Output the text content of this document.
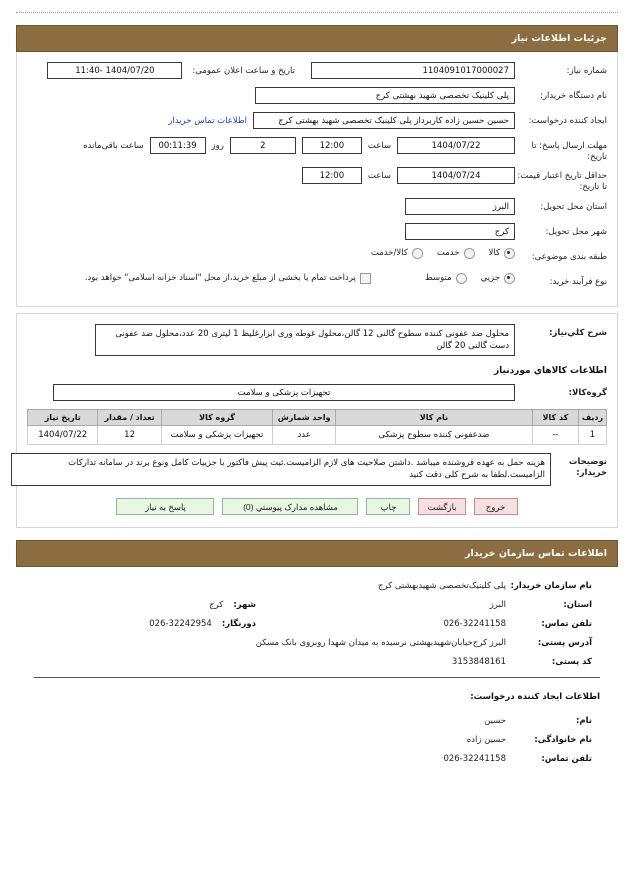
جزئیات اطلاعات نیاز
شماره نیاز:
1104091017000027
تاریخ و ساعت اعلان عمومی:
1404/07/20 -11:40
نام دستگاه خریدار:
پلی کلینیک تخصصی شهید بهشتی کرج
ایجاد کننده درخواست:
حسین حسین زاده کاربرداز پلی کلینیک تخصصی شهید بهشتی کرج
اطلاعات تماس خریدار
مهلت ارسال پاسخ: تا تاریخ:
1404/07/22
ساعت
12:00
2
روز
00:11:39
ساعت باقی‌مانده
حداقل تاریخ اعتبار قیمت: تا تاریخ:
1404/07/24
ساعت
12:00
استان محل تحویل:
البرز
شهر محل تحویل:
کرج
طبقه بندی موضوعی:
کالا
خدمت
کالا/خدمت
نوع فرآیند خرید:
جزیي
متوسط
پرداخت تمام یا بخشی از مبلغ خرید،از محل "اسناد خزانه اسلامی" خواهد بود.
شرح کلي‌نیاز:
محلول ضد عفونی کننده سطوح گالنی 12 گالن،محلول غوطه وری ابزارغلیظ 1 لیتری 20 عدد،محلول ضد عفونی دست گالنی 20 گالن
اطلاعات کالاهاي موردنیاز
گروه‌کالا:
تجهیزات پزشکی و سلامت
ردیف	کد کالا	نام کالا	واحد شمارش	گروه کالا	تعداد / مقدار	تاریخ نیاز
1	--	ضدعفونی کننده سطوح پزشکی	عدد	تجهیزات پزشکی و سلامت	12	1404/07/22
توضیحات خریدار:
هزینه حمل به عهده فروشنده میباشد .داشتن صلاحیت های لازم الزامیست.ثبت پیش فاکتور با جزییات کامل ونوع برند در سامانه تدارکات الزامیست.لطفا به شرح کلی دقت کنید
خروج
بازگشت
چاپ
مشاهده مدارک پیوستي (0)
پاسخ به نیاز
اطلاعات تماس سازمان خریدار
نام سازمان خریدار:
پلی کلینیک‌تخصصی شهید‌بهشتی کرج
استان:
البرز
شهر:
کرج
تلفن تماس:
026-32241158
دورنگار:
026-32242954
آدرس پستی:
البرز کرج‌خیابان‌شهید‌بهشتی نرسیده به میدان شهدا روبروی بانک مسکن
کد پستی:
3153848161
اطلاعات ایجاد کننده درخواست:
نام:
حسین
نام خانوادگی:
حسین زاده
تلفن تماس:
026-32241158
